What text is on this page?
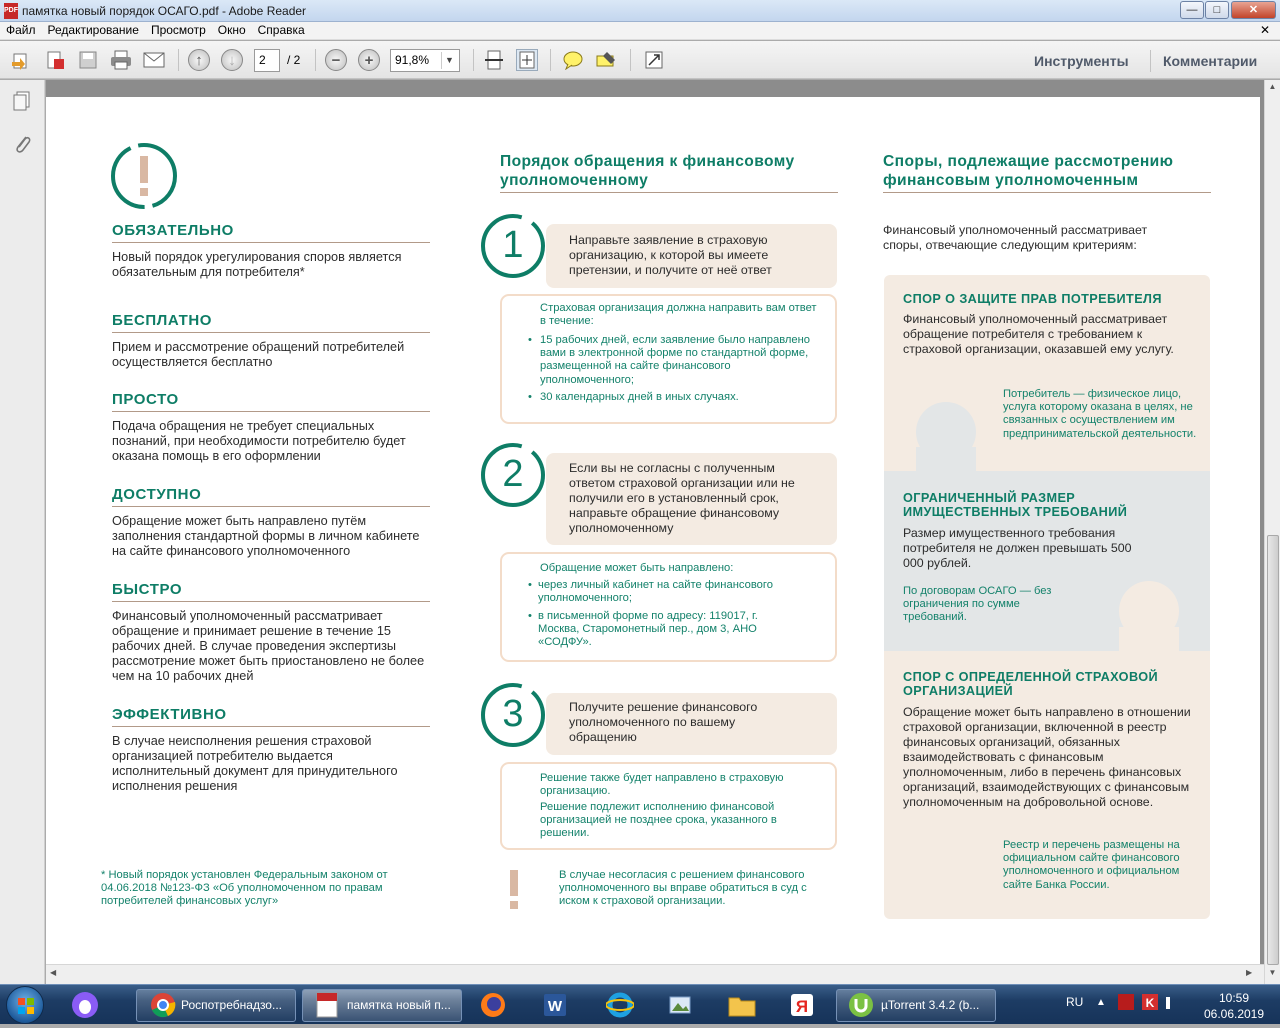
PDF памятка новый порядок ОСАГО.pdf - Adobe Reader	—	□	✕
Файл Редактирование Просмотр Окно Справка	✕
↑	↓	2	/ 2	−	+	91,8%	▼	Инструменты Комментарии
ОБЯЗАТЕЛЬНО
Новый порядок урегулирования споров является обязательным для потребителя*
БЕСПЛАТНО
Прием и рассмотрение обращений потребителей осуществляется бесплатно
ПРОСТО
Подача обращения не требует специальных познаний, при необходимости потребителю будет оказана помощь в его оформлении
ДОСТУПНО
Обращение может быть направлено путём заполнения стандартной формы в личном кабинете на сайте финансового уполномоченного
БЫСТРО
Финансовый уполномоченный рассматривает обращение и принимает решение в течение 15 рабочих дней. В случае проведения экспертизы рассмотрение может быть приостановлено не более чем на 10 рабочих дней
ЭФФЕКТИВНО
В случае неисполнения решения страховой организацией потребителю выдается исполнительный документ для принудительного исполнения решения
* Новый порядок установлен Федеральным законом от 04.06.2018 №123-ФЗ «Об уполномоченном по правам потребителей финансовых услуг»
Порядок обращения к финансовому уполномоченному
1	Направьте заявление в страховую организацию, к которой вы имеете претензии, и получите от неё ответ
Страховая организация должна направить вам ответ в течение:
• 15 рабочих дней, если заявление было направлено вами в электронной форме по стандартной форме, размещенной на сайте финансового уполномоченного;
• 30 календарных дней в иных случаях.
2	Если вы не согласны с полученным ответом страховой организации или не получили его в установленный срок, направьте обращение финансовому уполномоченному
Обращение может быть направлено:
• через личный кабинет на сайте финансового уполномоченного;
• в письменной форме по адресу: 119017, г. Москва, Старомонетный пер., дом 3, АНО «СОДФУ».
3	Получите решение финансового уполномоченного по вашему обращению
Решение также будет направлено в страховую организацию.
Решение подлежит исполнению финансовой организацией не позднее срока, указанного в решении.
В случае несогласия с решением финансового уполномоченного вы вправе обратиться в суд с иском к страховой организации.
Споры, подлежащие рассмотрению финансовым уполномоченным
Финансовый уполномоченный рассматривает споры, отвечающие следующим критериям:
СПОР О ЗАЩИТЕ ПРАВ ПОТРЕБИТЕЛЯ
Финансовый уполномоченный рассматривает обращение потребителя с требованием к страховой организации, оказавшей ему услугу.
Потребитель — физическое лицо, услуга которому оказана в целях, не связанных с осуществлением им предпринимательской деятельности.
ОГРАНИЧЕННЫЙ РАЗМЕР ИМУЩЕСТВЕННЫХ ТРЕБОВАНИЙ
Размер имущественного требования потребителя не должен превышать 500 000 рублей.
По договорам ОСАГО — без ограничения по сумме требований.
СПОР С ОПРЕДЕЛЕННОЙ СТРАХОВОЙ ОРГАНИЗАЦИЕЙ
Обращение может быть направлено в отношении страховой организации, включенной в реестр финансовых организаций, обязанных взаимодействовать с финансовым уполномоченным, либо в перечень финансовых организаций, взаимодействующих с финансовым уполномоченным на добровольной основе.
Реестр и перечень размещены на официальном сайте финансового уполномоченного и официальном сайте Банка России.
▲
▼
◀	▶
Роспотребнадзо...	памятка новый п...	W	Я	µTorrent 3.4.2 (b...	RU ▲	K	10:59
06.06.2019
